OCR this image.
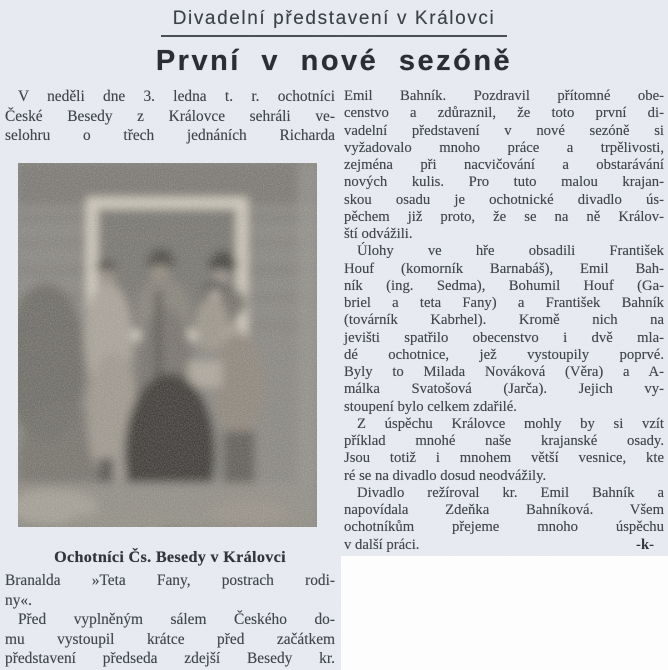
Divadelní představení v Královci
První v nové sezóně
V neděli dne 3. ledna t. r. ochotníci
České Besedy z Královce sehráli ve-
selohru o třech jednáních Richarda
Ochotníci Čs. Besedy v Královci
Branalda »Teta Fany, postrach rodi-
ny«.
Před vyplněným sálem Českého do-
mu vystoupil krátce před začátkem
představení předseda zdejší Besedy kr.
Emil Bahník. Pozdravil přítomné obe-
censtvo a zdůraznil, že toto první di-
vadelní představení v nové sezóně si
vyžadovalo mnoho práce a trpělivosti,
zejména při nacvičování a obstarávání
nových kulis. Pro tuto malou krajan-
skou osadu je ochotnické divadlo ús-
pěchem již proto, že se na ně Králov-
ští odvážili.
Úlohy ve hře obsadili František
Houf (komorník Barnabáš), Emil Bah-
ník (ing. Sedma), Bohumil Houf (Ga-
briel a teta Fany) a František Bahník
(továrník Kabrhel). Kromě nich na
jevišti spatřilo obecenstvo i dvě mla-
dé ochotnice, jež vystoupily poprvé.
Byly to Milada Nováková (Věra) a A-
málka Svatošová (Jarča). Jejich vy-
stoupení bylo celkem zdařilé.
Z úspěchu Královce mohly by si vzít
příklad mnohé naše krajanské osady.
Jsou totiž i mnohem větší vesnice, kte
ré se na divadlo dosud neodvážily.
Divadlo režíroval kr. Emil Bahník a
napovídala Zdeňka Bahníková. Všem
ochotníkům přejeme mnoho úspěchu
v další práci.	-k-
